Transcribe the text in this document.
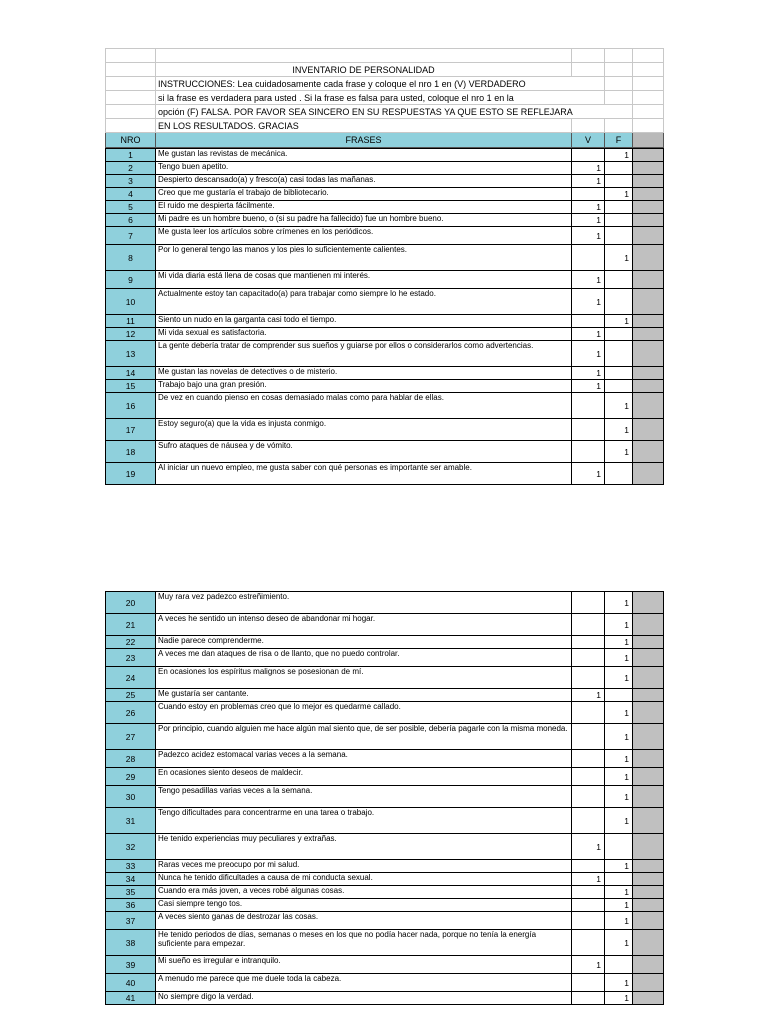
	INVENTARIO DE PERSONALIDAD			
	INSTRUCCIONES: Lea cuidadosamente cada frase y coloque el nro 1 en (V) VERDADERO			
	si la frase es verdadera para usted . Si la frase es falsa para usted, coloque el nro 1 en la			
	opción (F) FALSA. POR FAVOR SEA SINCERO EN SU RESPUESTAS YA QUE ESTO SE REFLEJARA			
	EN LOS RESULTADOS. GRACIAS			
NRO	FRASES	V	F	
1	Me gustan las revistas de mecánica.		1	
2	Tengo buen apetito.	1		
3	Despierto descansado(a) y fresco(a) casi todas las mañanas.	1		
4	Creo que me gustaría el trabajo de bibliotecario.		1	
5	El ruido me despierta fácilmente.	1		
6	Mi padre es un hombre bueno, o (si su padre ha fallecido) fue un hombre bueno.	1		
7	Me gusta leer los artículos sobre crímenes en los periódicos.	1		
8	Por lo general tengo las manos y los pies lo suficientemente calientes.		1	
9	Mi vida diaria está llena de cosas que mantienen mi interés.	1		
10	Actualmente estoy tan capacitado(a) para trabajar como siempre lo he estado.	1		
11	Siento un nudo en la garganta casi todo el tiempo.		1	
12	Mi vida sexual es satisfactoria.	1		
13	La gente debería tratar de comprender sus sueños y guiarse por ellos o considerarlos como advertencias.	1		
14	Me gustan las novelas de detectives o de misterio.	1		
15	Trabajo bajo una gran presión.	1		
16	De vez en cuando pienso en cosas demasiado malas como para hablar de ellas.		1	
17	Estoy seguro(a) que la vida es injusta conmigo.		1	
18	Sufro ataques de náusea y de vómito.		1	
19	Al iniciar un nuevo empleo, me gusta saber con qué personas es importante ser amable.	1		
20	Muy rara vez padezco estreñimiento.		1	
21	A veces he sentido un intenso deseo de abandonar mi hogar.		1	
22	Nadie parece comprenderme.		1	
23	A veces me dan ataques de risa o de llanto, que no puedo controlar.		1	
24	En ocasiones los espíritus malignos se posesionan de mí.		1	
25	Me gustaría ser cantante.	1		
26	Cuando estoy en problemas creo que lo mejor es quedarme callado.		1	
27	Por principio, cuando alguien me hace algún mal siento que, de ser posible, debería pagarle con la misma moneda.		1	
28	Padezco acidez estomacal varias veces a la semana.		1	
29	En ocasiones siento deseos de maldecir.		1	
30	Tengo pesadillas varias veces a la semana.		1	
31	Tengo dificultades para concentrarme en una tarea o trabajo.		1	
32	He tenido experiencias muy peculiares y extrañas.	1		
33	Raras veces me preocupo por mi salud.		1	
34	Nunca he tenido dificultades a causa de mi conducta sexual.	1		
35	Cuando era más joven, a veces robé algunas cosas.		1	
36	Casi siempre tengo tos.		1	
37	A veces siento ganas de destrozar las cosas.		1	
38	He tenido periodos de días, semanas o meses en los que no podía hacer nada, porque no tenía la energía suficiente para empezar.		1	
39	Mi sueño es irregular e intranquilo.	1		
40	A menudo me parece que me duele toda la cabeza.		1	
41	No siempre digo la verdad.		1	
